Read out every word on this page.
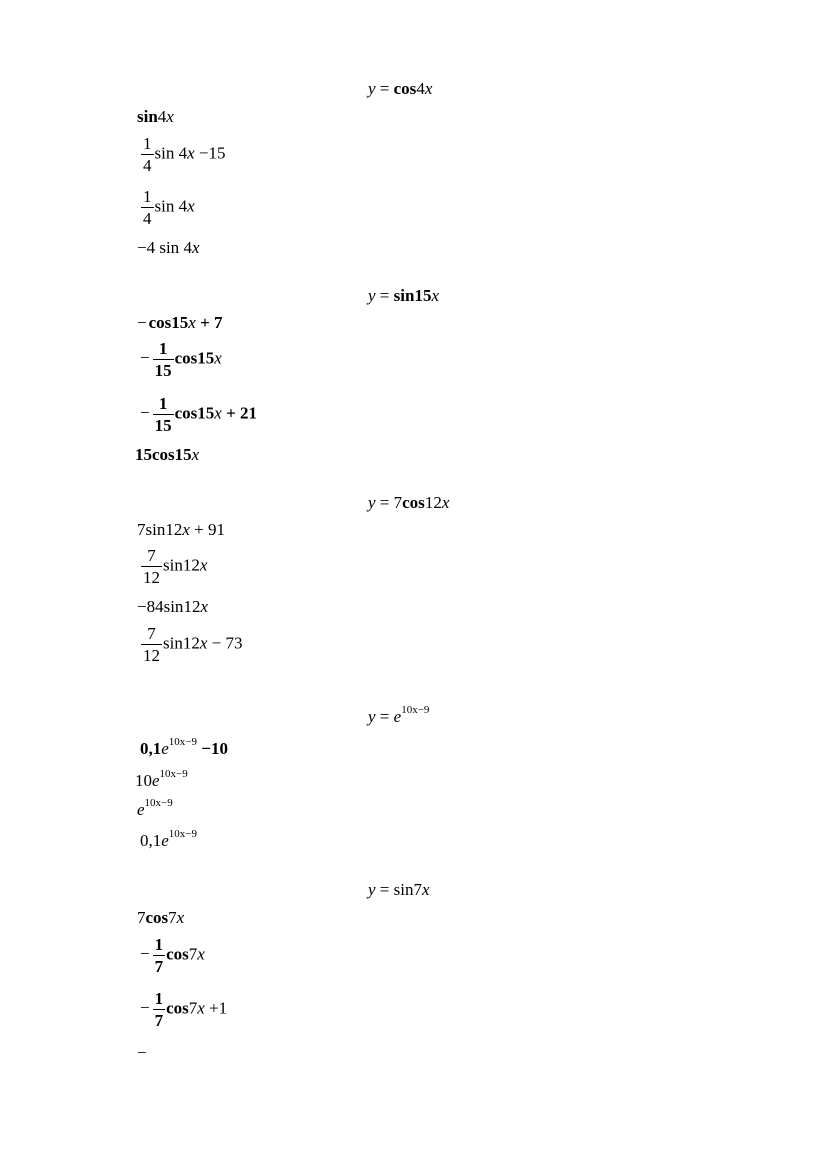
y = cos4x
sin4x
$\frac{1}{4}$ sin 4x −15
$\frac{1}{4}$ sin 4x
−4 sin 4x
y = sin15x
− cos15x + 7
− $\frac{1}{15} \cos 15x$
− $\frac{1}{15} \cos 15x + 21$
15cos15x
y = 7cos12x
7sin12x + 91
$\frac{7}{12} \sin 12x$
−84sin12x
$\frac{7}{12} \sin 12x - 73$
$y = e^{10x-9}$
$0,1e^{10x-9} -10$
$10e^{10x-9}$
$e^{10x-9}$
$0,1e^{10x-9}$
y = sin7x
7cos7x
− $\frac{1}{7} \cos 7x$
− $\frac{1}{7} \cos 7x +1$
−
